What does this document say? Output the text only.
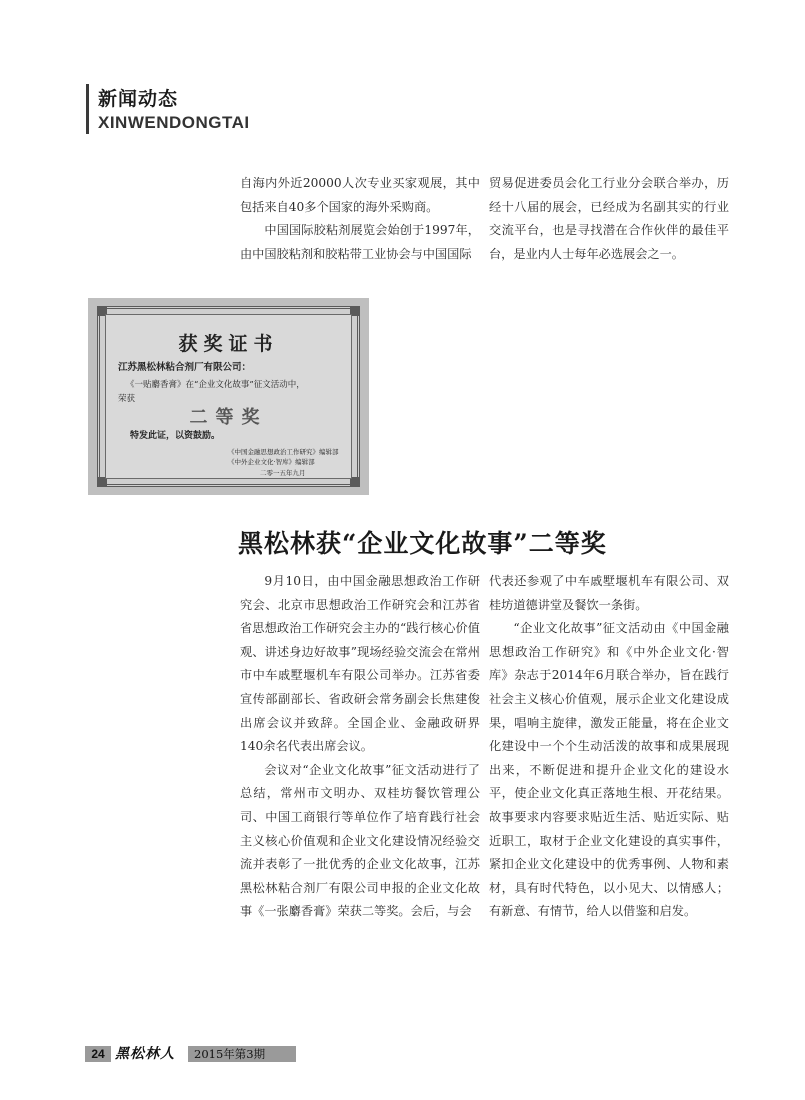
新闻动态
XINWENDONGTAI

自海内外近20000人次专业买家观展，其中包括来自40多个国家的海外采购商。

中国国际胶粘剂展览会始创于1997年，由中国胶粘剂和胶粘带工业协会与中国国际

贸易促进委员会化工行业分会联合举办，历经十八届的展会，已经成为名副其实的行业交流平台，也是寻找潜在合作伙伴的最佳平台，是业内人士每年必选展会之一。

获奖证书
江苏黑松林粘合剂厂有限公司：
《一贴麝香膏》在“企业文化故事”征文活动中，
荣获
二等奖
特发此证，以资鼓励。
《中国金融思想政治工作研究》编辑部
《中外企业文化·智库》编辑部
二零一五年九月
黑松林获“企业文化故事”二等奖

9月10日，由中国金融思想政治工作研究会、北京市思想政治工作研究会和江苏省省思想政治工作研究会主办的“践行核心价值观、讲述身边好故事”现场经验交流会在常州市中车戚墅堰机车有限公司举办。江苏省委宣传部副部长、省政研会常务副会长焦建俊出席会议并致辞。全国企业、金融政研界140余名代表出席会议。

会议对“企业文化故事”征文活动进行了总结，常州市文明办、双桂坊餐饮管理公司、中国工商银行等单位作了培育践行社会主义核心价值观和企业文化建设情况经验交流并表彰了一批优秀的企业文化故事，江苏黑松林粘合剂厂有限公司申报的企业文化故事《一张麝香膏》荣获二等奖。会后，与会

代表还参观了中车戚墅堰机车有限公司、双桂坊道德讲堂及餐饮一条街。

“企业文化故事”征文活动由《中国金融思想政治工作研究》和《中外企业文化·智库》杂志于2014年6月联合举办，旨在践行社会主义核心价值观，展示企业文化建设成果，唱响主旋律，激发正能量，将在企业文化建设中一个个生动活泼的故事和成果展现出来，不断促进和提升企业文化的建设水平，使企业文化真正落地生根、开花结果。故事要求内容要求贴近生活、贴近实际、贴近职工，取材于企业文化建设的真实事件，紧扣企业文化建设中的优秀事例、人物和素材，具有时代特色，以小见大、以情感人；有新意、有情节，给人以借鉴和启发。

24 黑松林人	2015年第3期
